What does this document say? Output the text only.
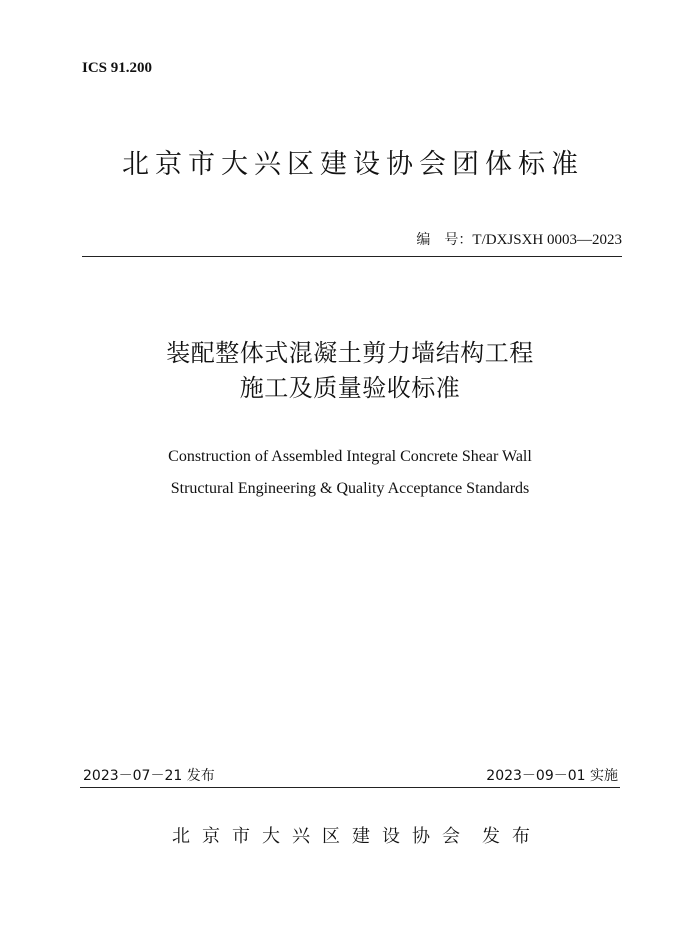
ICS 91.200
北京市大兴区建设协会团体标准
编　号：T/DXJSXH 0003—2023
装配整体式混凝土剪力墙结构工程
施工及质量验收标准
Construction of Assembled Integral Concrete Shear Wall
Structural Engineering & Quality Acceptance Standards
2023－07－21 发布	2023－09－01 实施
北京市大兴区建设协会 发布
